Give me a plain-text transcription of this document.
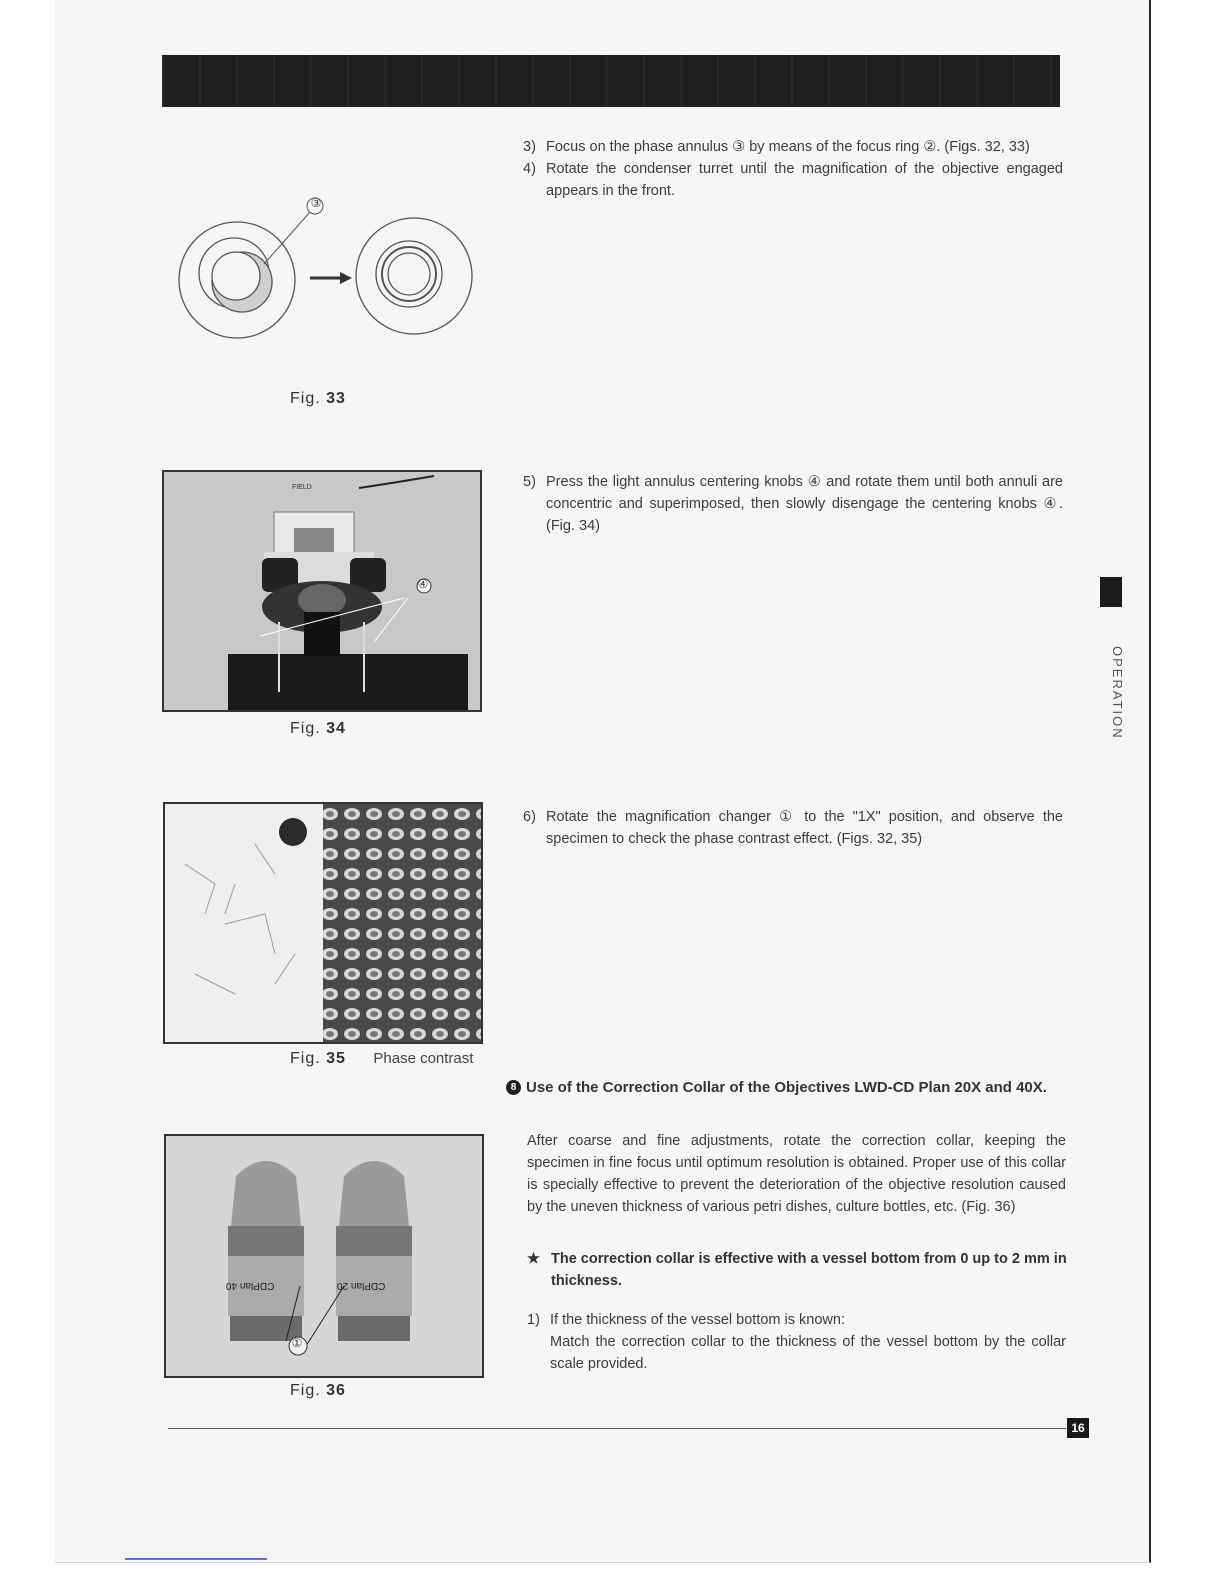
③
Fig. 33
FIELD
④
Fig. 34
Fig. 35 Phase contrast
CDPlan 40	CDPlan 20
①
Fig. 36

3) Focus on the phase annulus ③ by means of the focus ring ②. (Figs. 32, 33)

4) Rotate the condenser turret until the magnification of the objective engaged appears in the front.

5) Press the light annulus centering knobs ④ and rotate them until both annuli are concentric and superimposed, then slowly disengage the centering knobs ④. (Fig. 34)

6) Rotate the magnification changer ① to the "1X" position, and observe the specimen to check the phase contrast effect. (Figs. 32, 35)

8 Use of the Correction Collar of the Objectives LWD-CD Plan 20X and 40X.
After coarse and fine adjustments, rotate the correction collar, keeping the specimen in fine focus until optimum resolution is obtained. Proper use of this collar is specially effective to prevent the deterioration of the objective resolution caused by the uneven thickness of various petri dishes, culture bottles, etc. (Fig. 36)
★ The correction collar is effective with a vessel bottom from 0 up to 2 mm in thickness.

1) If the thickness of the vessel bottom is known:
Match the correction collar to the thickness of the vessel bottom by the collar scale provided.

OPERATION
16
